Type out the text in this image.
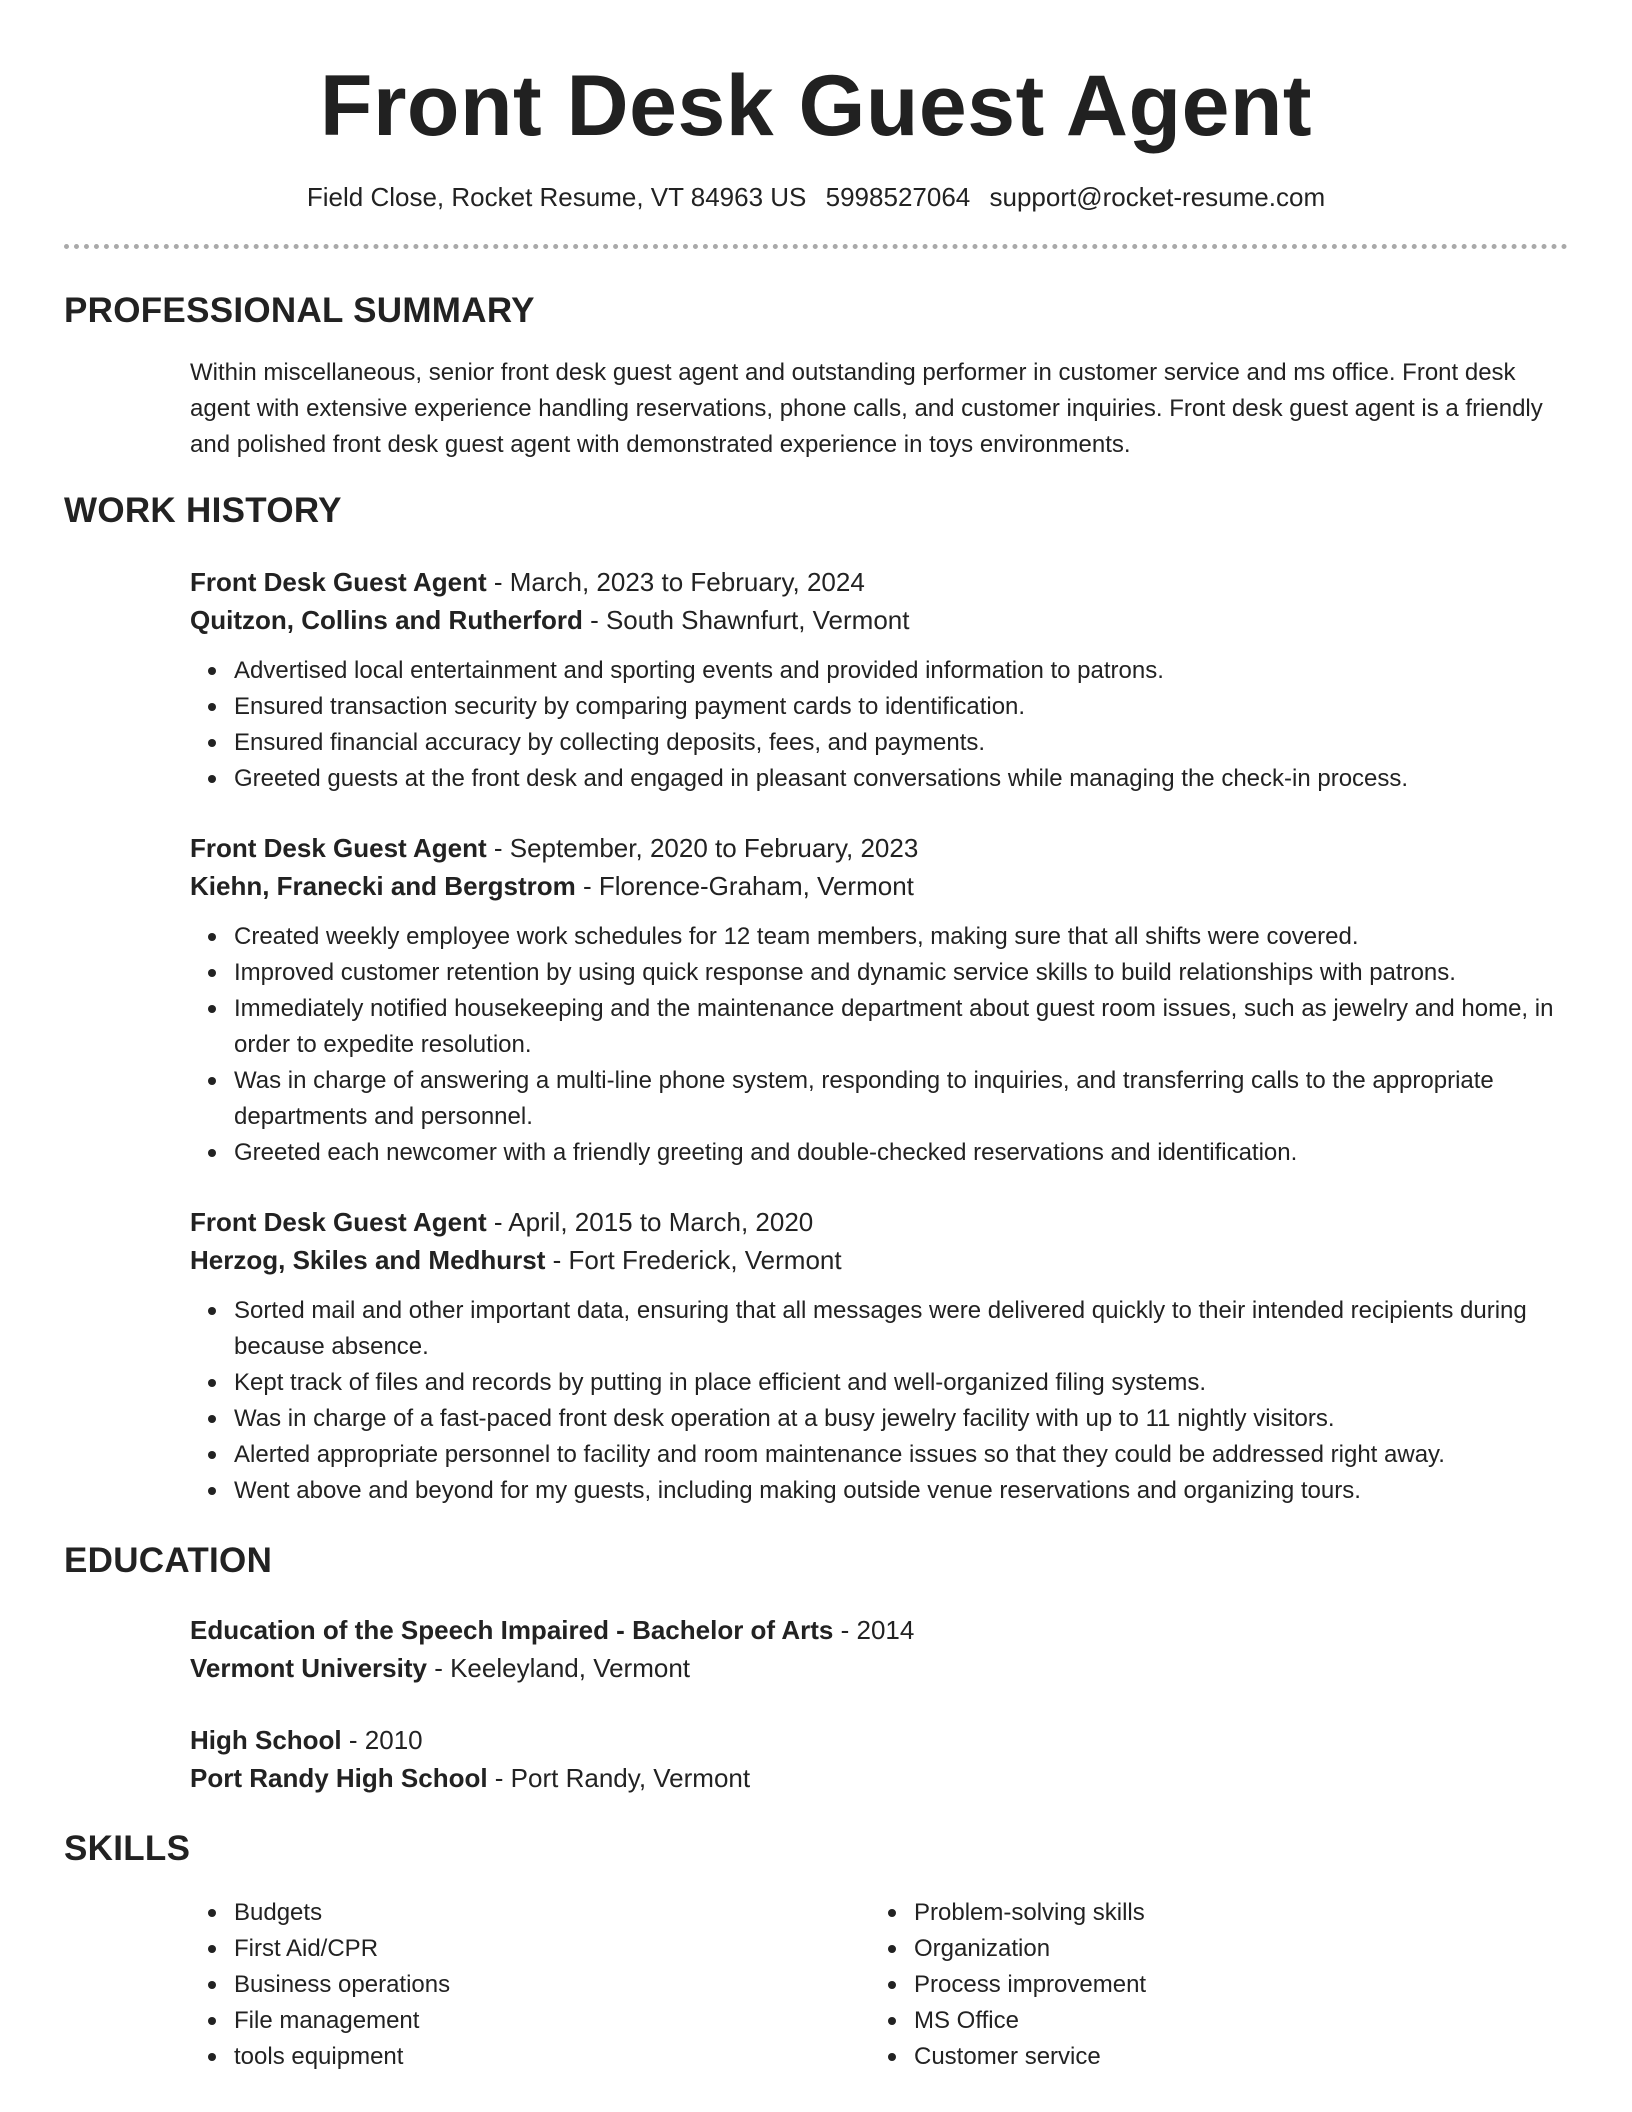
Front Desk Guest Agent
Field Close, Rocket Resume, VT 84963 US 5998527064 support@rocket-resume.com
PROFESSIONAL SUMMARY

Within miscellaneous, senior front desk guest agent and outstanding performer in customer service and ms office. Front desk agent with extensive experience handling reservations, phone calls, and customer inquiries. Front desk guest agent is a friendly and polished front desk guest agent with demonstrated experience in toys environments.

WORK HISTORY
Front Desk Guest Agent - March, 2023 to February, 2024
Quitzon, Collins and Rutherford - South Shawnfurt, Vermont
Advertised local entertainment and sporting events and provided information to patrons.
Ensured transaction security by comparing payment cards to identification.
Ensured financial accuracy by collecting deposits, fees, and payments.
Greeted guests at the front desk and engaged in pleasant conversations while managing the check-in process.
Front Desk Guest Agent - September, 2020 to February, 2023
Kiehn, Franecki and Bergstrom - Florence-Graham, Vermont
Created weekly employee work schedules for 12 team members, making sure that all shifts were covered.
Improved customer retention by using quick response and dynamic service skills to build relationships with patrons.
Immediately notified housekeeping and the maintenance department about guest room issues, such as jewelry and home, in order to expedite resolution.
Was in charge of answering a multi-line phone system, responding to inquiries, and transferring calls to the appropriate departments and personnel.
Greeted each newcomer with a friendly greeting and double-checked reservations and identification.
Front Desk Guest Agent - April, 2015 to March, 2020
Herzog, Skiles and Medhurst - Fort Frederick, Vermont
Sorted mail and other important data, ensuring that all messages were delivered quickly to their intended recipients during because absence.
Kept track of files and records by putting in place efficient and well-organized filing systems.
Was in charge of a fast-paced front desk operation at a busy jewelry facility with up to 11 nightly visitors.
Alerted appropriate personnel to facility and room maintenance issues so that they could be addressed right away.
Went above and beyond for my guests, including making outside venue reservations and organizing tours.
EDUCATION
Education of the Speech Impaired - Bachelor of Arts - 2014
Vermont University - Keeleyland, Vermont
High School - 2010
Port Randy High School - Port Randy, Vermont
SKILLS
Budgets
First Aid/CPR
Business operations
File management
tools equipment
Problem-solving skills
Organization
Process improvement
MS Office
Customer service
